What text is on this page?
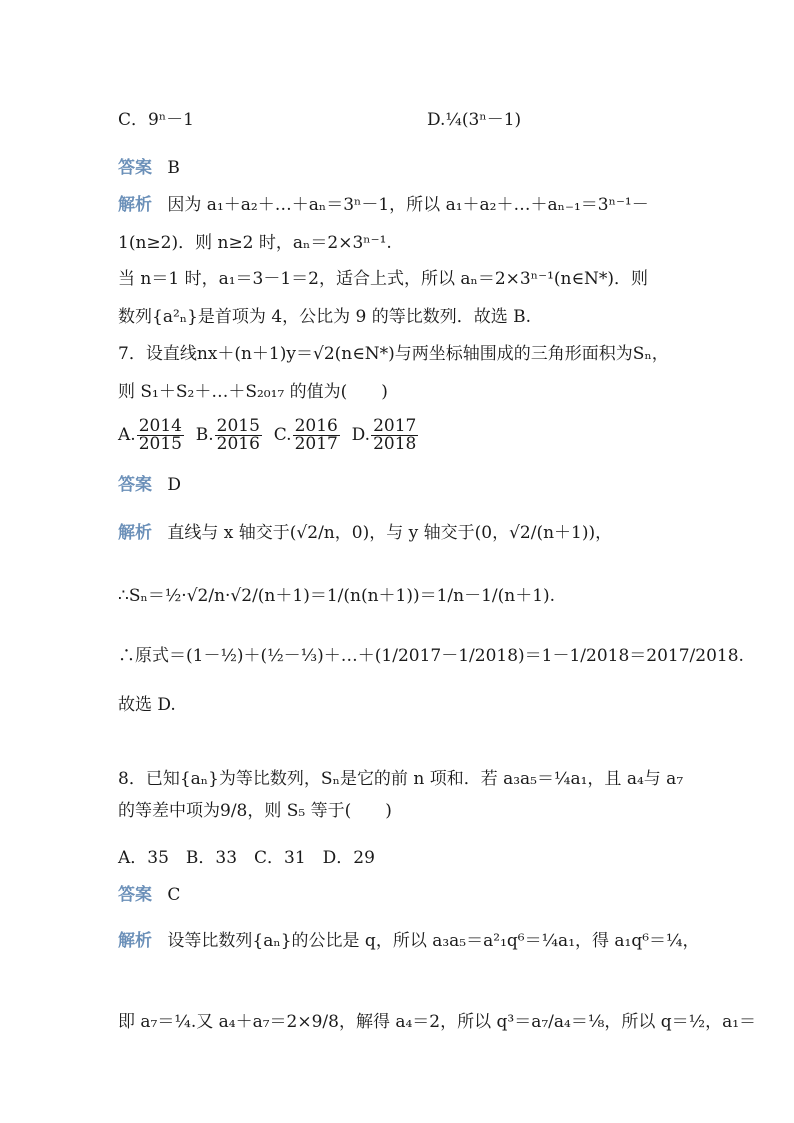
C．9ⁿ－1	D.¼(3ⁿ－1)
答案 B
解析 因为 a₁＋a₂＋…＋aₙ＝3ⁿ－1，所以 a₁＋a₂＋…＋aₙ₋₁＝3ⁿ⁻¹－
1(n≥2)．则 n≥2 时，aₙ＝2×3ⁿ⁻¹.
当 n＝1 时，a₁＝3－1＝2，适合上式，所以 aₙ＝2×3ⁿ⁻¹(n∈N*)．则
数列{a²ₙ}是首项为 4，公比为 9 的等比数列．故选 B.
7．设直线nx＋(n＋1)y＝√2(n∈N*)与两坐标轴围成的三角形面积为Sₙ，
则 S₁＋S₂＋…＋S₂₀₁₇ 的值为(　　)
A. $\frac{2014}{2015} B$. $\frac{2015}{2016} C$. $\frac{2016}{2017} D$. $\frac{2017}{2018}$
答案 D
解析 直线与 x 轴交于(√2/n，0)，与 y 轴交于(0，√2/(n＋1))，
∴Sₙ＝½·√2/n·√2/(n＋1)＝1/(n(n＋1))＝1/n－1/(n＋1).
∴原式＝(1－½)＋(½－⅓)＋…＋(1/2017－1/2018)＝1－1/2018＝2017/2018.
故选 D.
8．已知{aₙ}为等比数列，Sₙ是它的前 n 项和．若 a₃a₅＝¼a₁，且 a₄与 a₇
的等差中项为9/8，则 S₅ 等于(　　)
A．35　B．33　C．31　D．29
答案 C
解析 设等比数列{aₙ}的公比是 q，所以 a₃a₅＝a²₁q⁶＝¼a₁，得 a₁q⁶＝¼，
即 a₇＝¼.又 a₄＋a₇＝2×9/8，解得 a₄＝2，所以 q³＝a₇/a₄＝⅛，所以 q＝½，a₁＝
